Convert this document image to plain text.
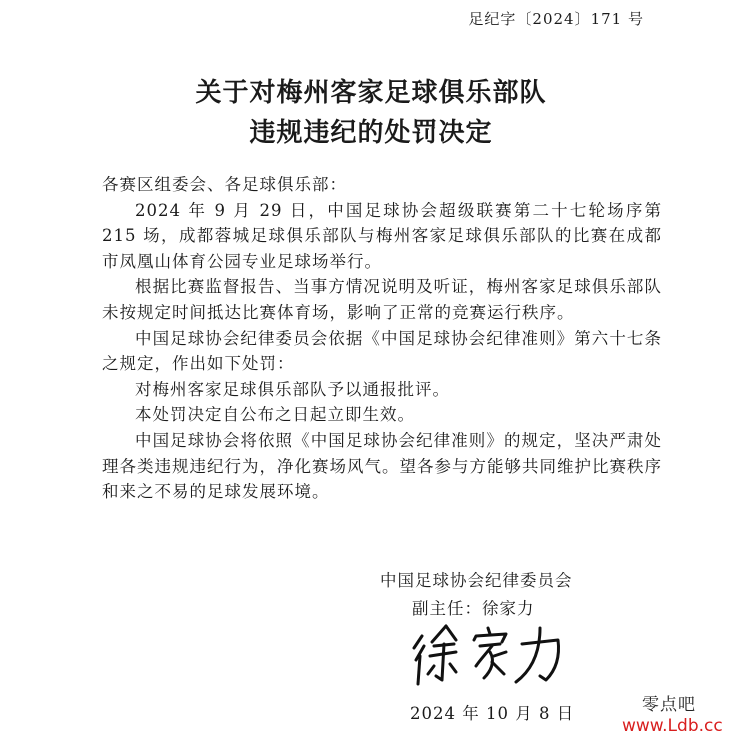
足纪字〔2024〕171 号
关于对梅州客家足球俱乐部队
违规违纪的处罚决定

各赛区组委会、各足球俱乐部：

2024 年 9 月 29 日，中国足球协会超级联赛第二十七轮场序第 215 场，成都蓉城足球俱乐部队与梅州客家足球俱乐部队的比赛在成都市凤凰山体育公园专业足球场举行。

根据比赛监督报告、当事方情况说明及听证，梅州客家足球俱乐部队未按规定时间抵达比赛体育场，影响了正常的竞赛运行秩序。

中国足球协会纪律委员会依据《中国足球协会纪律准则》第六十七条之规定，作出如下处罚：

对梅州客家足球俱乐部队予以通报批评。

本处罚决定自公布之日起立即生效。

中国足球协会将依照《中国足球协会纪律准则》的规定，坚决严肃处理各类违规违纪行为，净化赛场风气。望各参与方能够共同维护比赛秩序和来之不易的足球发展环境。

中国足球协会纪律委员会
副主任：徐家力
2024 年 10 月 8 日	零点吧
www.Ldb.cc
